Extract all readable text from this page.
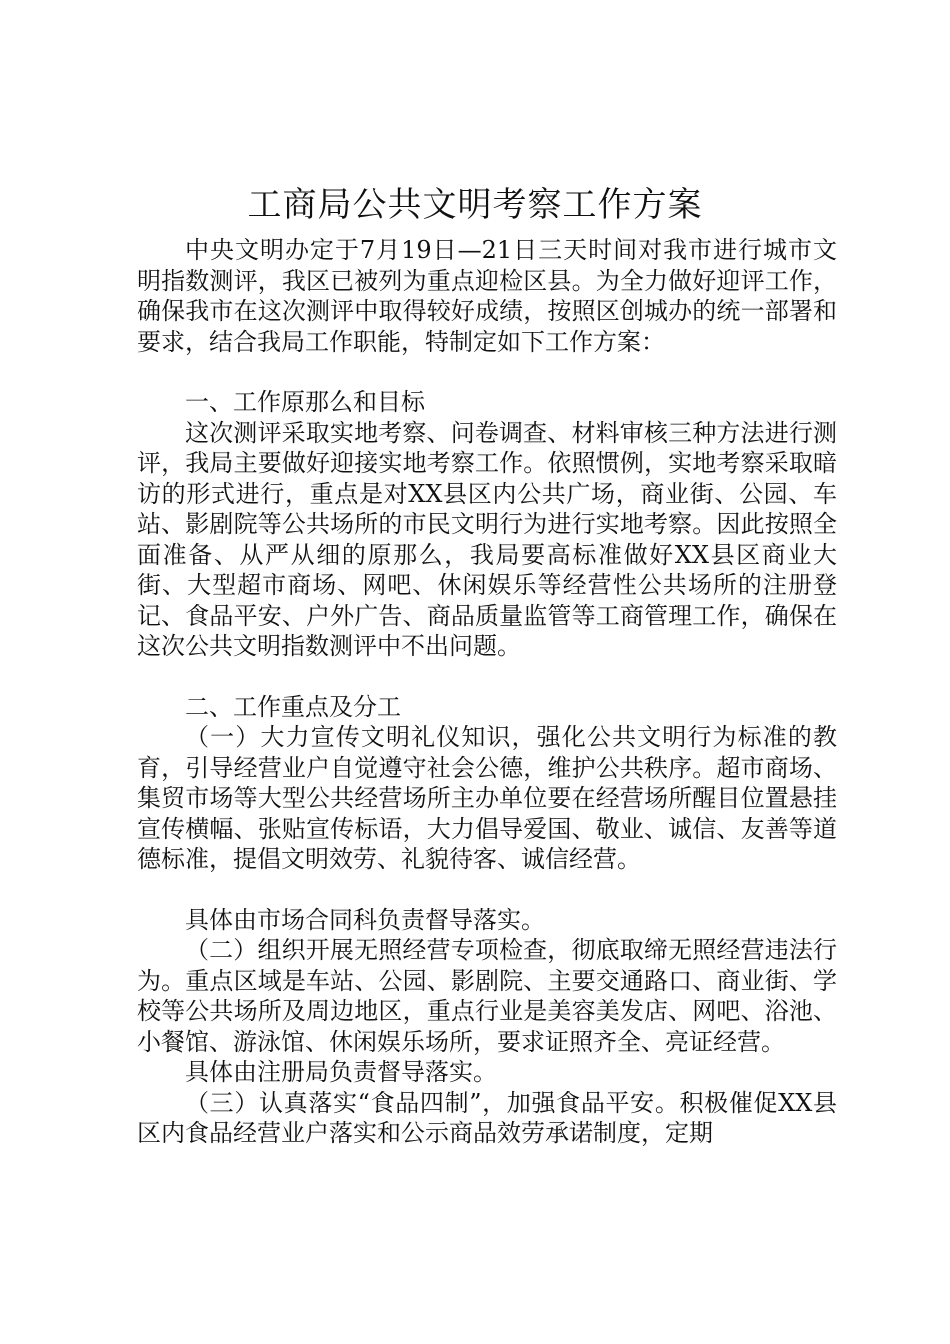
工商局公共文明考察工作方案

中央文明办定于7月19日—21日三天时间对我市进行城市文明指数测评，我区已被列为重点迎检区县。为全力做好迎评工作，确保我市在这次测评中取得较好成绩，按照区创城办的统一部署和要求，结合我局工作职能，特制定如下工作方案：

一、工作原那么和目标

这次测评采取实地考察、问卷调查、材料审核三种方法进行测评，我局主要做好迎接实地考察工作。依照惯例，实地考察采取暗访的形式进行，重点是对XX县区内公共广场，商业街、公园、车站、影剧院等公共场所的市民文明行为进行实地考察。因此按照全面准备、从严从细的原那么，我局要高标准做好XX县区商业大街、大型超市商场、网吧、休闲娱乐等经营性公共场所的注册登记、食品平安、户外广告、商品质量监管等工商管理工作，确保在这次公共文明指数测评中不出问题。

二、工作重点及分工

（一）大力宣传文明礼仪知识，强化公共文明行为标准的教育，引导经营业户自觉遵守社会公德，维护公共秩序。超市商场、集贸市场等大型公共经营场所主办单位要在经营场所醒目位置悬挂宣传横幅、张贴宣传标语，大力倡导爱国、敬业、诚信、友善等道德标准，提倡文明效劳、礼貌待客、诚信经营。

具体由市场合同科负责督导落实。

（二）组织开展无照经营专项检查，彻底取缔无照经营违法行为。重点区域是车站、公园、影剧院、主要交通路口、商业街、学校等公共场所及周边地区，重点行业是美容美发店、网吧、浴池、小餐馆、游泳馆、休闲娱乐场所，要求证照齐全、亮证经营。

具体由注册局负责督导落实。

（三）认真落实“食品四制”，加强食品平安。积极催促XX县区内食品经营业户落实和公示商品效劳承诺制度，定期
